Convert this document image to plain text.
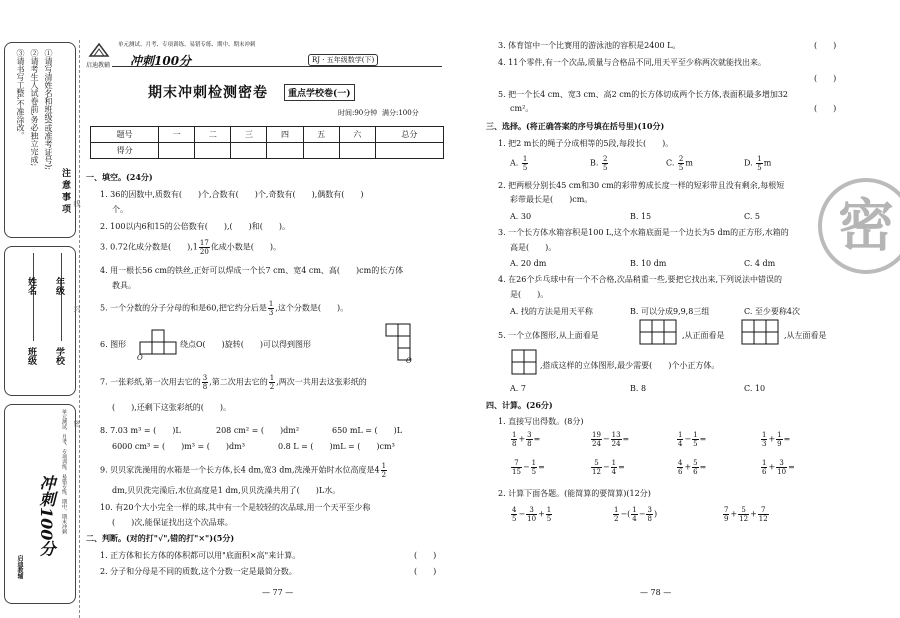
注意事项
①请写清姓名和班级(或准考证号);
②请考生人试卷前,务必独立完成;
③请书写工整,不准涂改。
学校
年级
班级
姓名
冲刺100分	单元测试、月考、专项训练、易错专练、期中、期末冲刺
启迪教辅
线
封
密
启迪教辅
单元测试、月考、专项训练、易错专练、期中、期末冲刺
冲刺100分	RJ · 五年级数学(下)
期末冲刺检测密卷	重点学校卷(一)
时间:90分钟 满分:100分
题号	一	二	三	四	五	六	总分
得分							
一、填空。(24分)
1. 36的因数中,质数有(　　)个,合数有(　　)个,奇数有(　　),偶数有(　　)
个。
2. 100以内6和15的公倍数有(　　),(　　)和(　　)。
3. 0.72化成分数是(　　)$,1 \frac{17}{20}$ 化成小数是(　　)。
4. 用一根长56 cm的铁丝,正好可以焊成一个长7 cm、宽4 cm、高(　　)cm的长方体
教具。
5. 一个分数的分子分母的和是60,把它约分后是 $\frac{1}{3}$ ,这个分数是(　　)。
6. 图形
O
绕点O(　　)旋转(　　)可以得到图形
O
7. 一张彩纸,第一次用去它的 $\frac{3}{8}$ ,第二次用去它的 $\frac{1}{2}$ ,两次一共用去这张彩纸的
(　　),还剩下这张彩纸的(　　)。
8. 7.03 m³ = (　　)L	208 cm² = (　　)dm²	650 mL = (　　)L
6000 cm³ = (　　)m³ = (　　)dm³	0.8 L = (　　)mL = (　　)cm³
9. 贝贝家洗澡用的水箱是一个长方体,长4 dm,宽3 dm,洗澡开始时水位高度是$4 \frac{1}{2}$
dm,贝贝洗完澡后,水位高度是1 dm,贝贝洗澡共用了(　　)L水。
10. 有20个大小完全一样的球,其中有一个是较轻的次品球,用一个天平至少称
(　　)次,能保证找出这个次品球。
二、判断。(对的打"√",错的打"×")(5分)
1. 正方体和长方体的体积都可以用"底面积×高"来计算。	(　　)
2. 分子和分母是不同的质数,这个分数一定是最简分数。	(　　)
— 77 —
3. 体育馆中一个比赛用的游泳池的容积是2400 L。	(　　)
4. 11个零件,有一个次品,质量与合格品不同,用天平至少称两次就能找出来。
(　　)
5. 把一个长4 cm、宽3 cm、高2 cm的长方体切成两个长方体,表面积最多增加32
cm²。	(　　)
三、选择。(将正确答案的序号填在括号里)(10分)
1. 把2 m长的绳子分成相等的5段,每段长(　　)。
A. $\frac{1}{5}$	B. $\frac{2}{5}$	C. $\frac{2}{5}$ m	D. $\frac{1}{5}$ m
2. 把两根分别长45 cm和30 cm的彩带剪成长度一样的短彩带且没有剩余,每根短
彩带最长是(　　)cm。
A. 30	B. 15	C. 5
3. 一个长方体水箱容积是100 L,这个水箱底面是一个边长为5 dm的正方形,水箱的
高是(　　)。
A. 20 dm	B. 10 dm	C. 4 dm
4. 在26个乒乓球中有一个不合格,次品稍重一些,要把它找出来,下列说法中错误的
是(　　)。
A. 找的方法是用天平称	B. 可以分成9,9,8三组	C. 至少要称4次
5. 一个立体图形,从上面看是	,从正面看是	,从左面看是
,搭成这样的立体图形,最少需要(　　)个小正方体。
A. 7	B. 8	C. 10
四、计算。(26分)
1. 直接写出得数。(8分)
$\frac{1}{8} + \frac{3}{8}$ =	$\frac{19}{24} - \frac{13}{24}$ =	$\frac{1}{4} - \frac{1}{5}$ =	$\frac{1}{3} + \frac{1}{9}$ =
$\frac{7}{15} - \frac{1}{5}$ =	$\frac{5}{12} - \frac{1}{4}$ =	$\frac{4}{6} + \frac{5}{6}$ =	$\frac{1}{6} + \frac{3}{10}$ =
2. 计算下面各题。(能简算的要简算)(12分)
$\frac{4}{5} - \frac{3}{10} + \frac{1}{5}$	$\frac{1}{2}$ −( $\frac{1}{4} - \frac{3}{8}$ )	$\frac{7}{9} + \frac{5}{12} + \frac{7}{12}$
— 78 —
密
